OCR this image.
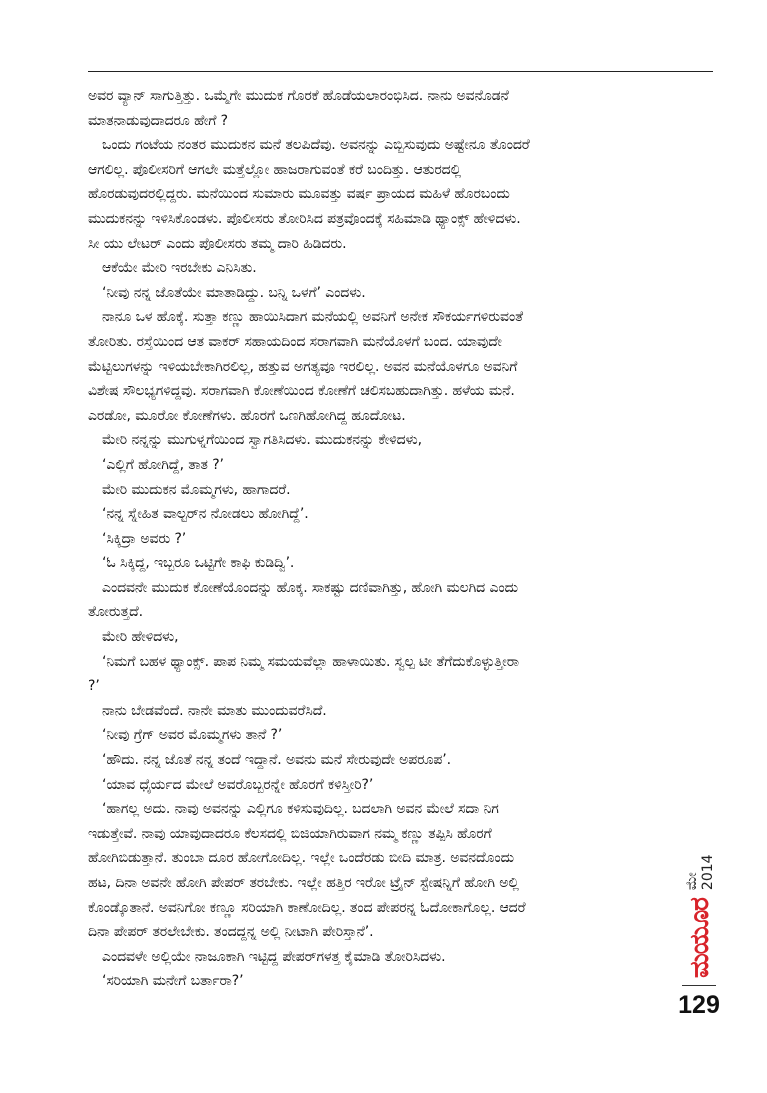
ಅವರ ವ್ಯಾನ್ ಸಾಗುತ್ತಿತ್ತು. ಒಮ್ಮೆಗೇ ಮುದುಕ ಗೊರಕೆ ಹೊಡೆಯಲಾರಂಭಿಸಿದ. ನಾನು ಅವನೊಡನೆ
ಮಾತನಾಡುವುದಾದರೂ ಹೇಗೆ ?
ಒಂದು ಗಂಟೆಯ ನಂತರ ಮುದುಕನ ಮನೆ ತಲಪಿದೆವು. ಅವನನ್ನು ಎಬ್ಬಿಸುವುದು ಅಷ್ಟೇನೂ ತೊಂದರೆ
ಆಗಲಿಲ್ಲ. ಪೊಲೀಸರಿಗೆ ಆಗಲೇ ಮತ್ತೆಲ್ಲೋ ಹಾಜರಾಗುವಂತೆ ಕರೆ ಬಂದಿತ್ತು. ಆತುರದಲ್ಲಿ
ಹೊರಡುವುದರಲ್ಲಿದ್ದರು. ಮನೆಯಿಂದ ಸುಮಾರು ಮೂವತ್ತು ವರ್ಷ ಪ್ರಾಯದ ಮಹಿಳೆ ಹೊರಬಂದು
ಮುದುಕನನ್ನು ಇಳಿಸಿಕೊಂಡಳು. ಪೊಲೀಸರು ತೋರಿಸಿದ ಪತ್ರವೊಂದಕ್ಕೆ ಸಹಿಮಾಡಿ ಥ್ಯಾಂಕ್ಸ್ ಹೇಳಿದಳು.
ಸೀ ಯು ಲೇಟರ್ ಎಂದು ಪೊಲೀಸರು ತಮ್ಮ ದಾರಿ ಹಿಡಿದರು.
ಆಕೆಯೇ ಮೇರಿ ಇರಬೇಕು ಎನಿಸಿತು.
‘ನೀವು ನನ್ನ ಜೊತೆಯೇ ಮಾತಾಡಿದ್ದು. ಬನ್ನಿ ಒಳಗೆ’ ಎಂದಳು.
ನಾನೂ ಒಳ ಹೊಕ್ಕೆ. ಸುತ್ತಾ ಕಣ್ಣು ಹಾಯಿಸಿದಾಗ ಮನೆಯಲ್ಲಿ ಅವನಿಗೆ ಅನೇಕ ಸೌಕರ್ಯಗಳಿರುವಂತೆ
ತೋರಿತು. ರಸ್ತೆಯಿಂದ ಆತ ವಾಕರ್ ಸಹಾಯದಿಂದ ಸರಾಗವಾಗಿ ಮನೆಯೊಳಗೆ ಬಂದ. ಯಾವುದೇ
ಮೆಟ್ಟಿಲುಗಳನ್ನು ಇಳಿಯಬೇಕಾಗಿರಲಿಲ್ಲ, ಹತ್ತುವ ಅಗತ್ಯವೂ ಇರಲಿಲ್ಲ. ಅವನ ಮನೆಯೊಳಗೂ ಅವನಿಗೆ
ವಿಶೇಷ ಸೌಲಭ್ಯಗಳಿದ್ದವು. ಸರಾಗವಾಗಿ ಕೋಣೆಯಿಂದ ಕೋಣೆಗೆ ಚಲಿಸಬಹುದಾಗಿತ್ತು. ಹಳೆಯ ಮನೆ.
ಎರಡೋ, ಮೂರೋ ಕೋಣೆಗಳು. ಹೊರಗೆ ಒಣಗಿಹೋಗಿದ್ದ ಹೂದೋಟ.
ಮೇರಿ ನನ್ನನ್ನು ಮುಗುಳ್ನಗೆಯಿಂದ ಸ್ವಾಗತಿಸಿದಳು. ಮುದುಕನನ್ನು ಕೇಳಿದಳು,
‘ಎಲ್ಲಿಗೆ ಹೋಗಿದ್ದೆ, ತಾತ ?’
ಮೇರಿ ಮುದುಕನ ಮೊಮ್ಮಗಳು, ಹಾಗಾದರೆ.
‘ನನ್ನ ಸ್ನೇಹಿತ ವಾಲ್ಟರ್‌ನ ನೋಡಲು ಹೋಗಿದ್ದೆ’.
‘ಸಿಕ್ಕಿದ್ರಾ ಅವರು ?’
‘ಓ ಸಿಕ್ಕಿದ್ದ, ಇಬ್ಬರೂ ಒಟ್ಟಿಗೇ ಕಾಫಿ ಕುಡಿದ್ವಿ’.
ಎಂದವನೇ ಮುದುಕ ಕೋಣೆಯೊಂದನ್ನು ಹೊಕ್ಕ. ಸಾಕಷ್ಟು ದಣಿವಾಗಿತ್ತು, ಹೋಗಿ ಮಲಗಿದ ಎಂದು
ತೋರುತ್ತದೆ.
ಮೇರಿ ಹೇಳಿದಳು,
‘ನಿಮಗೆ ಬಹಳ ಥ್ಯಾಂಕ್ಸ್. ಪಾಪ ನಿಮ್ಮ ಸಮಯವೆಲ್ಲಾ ಹಾಳಾಯಿತು. ಸ್ವಲ್ಪ ಟೀ ತೆಗೆದುಕೊಳ್ಳುತ್ತೀರಾ
?’
ನಾನು ಬೇಡವೆಂದೆ. ನಾನೇ ಮಾತು ಮುಂದುವರೆಸಿದೆ.
‘ನೀವು ಗ್ರೆಗ್ ಅವರ ಮೊಮ್ಮಗಳು ತಾನೆ ?’
‘ಹೌದು. ನನ್ನ ಜೊತೆ ನನ್ನ ತಂದೆ ಇದ್ದಾನೆ. ಅವನು ಮನೆ ಸೇರುವುದೇ ಅಪರೂಪ’.
‘ಯಾವ ಧೈರ್ಯದ ಮೇಲೆ ಅವರೊಬ್ಬರನ್ನೇ ಹೊರಗೆ ಕಳಿಸ್ತೀರಿ?’
‘ಹಾಗಲ್ಲ ಅದು. ನಾವು ಅವನನ್ನು ಎಲ್ಲಿಗೂ ಕಳಿಸುವುದಿಲ್ಲ. ಬದಲಾಗಿ ಅವನ ಮೇಲೆ ಸದಾ ನಿಗ
ಇಡುತ್ತೇವೆ. ನಾವು ಯಾವುದಾದರೂ ಕೆಲಸದಲ್ಲಿ ಬಿಜಿಯಾಗಿರುವಾಗ ನಮ್ಮ ಕಣ್ಣು ತಪ್ಪಿಸಿ ಹೊರಗೆ
ಹೋಗಿಬಿಡುತ್ತಾನೆ. ತುಂಬಾ ದೂರ ಹೋಗೋದಿಲ್ಲ. ಇಲ್ಲೇ ಒಂದೆರಡು ಬೀದಿ ಮಾತ್ರ. ಅವನದೊಂದು
ಹಟ, ದಿನಾ ಅವನೇ ಹೋಗಿ ಪೇಪರ್ ತರಬೇಕು. ಇಲ್ಲೇ ಹತ್ತಿರ ಇರೋ ಟ್ರೈನ್ ಸ್ಟೇಷನ್ನಿಗೆ ಹೋಗಿ ಅಲ್ಲಿ
ಕೊಂಡ್ಕೊತಾನೆ. ಅವನಿಗೋ ಕಣ್ಣೂ ಸರಿಯಾಗಿ ಕಾಣೋದಿಲ್ಲ. ತಂದ ಪೇಪರನ್ನ ಓದೋಕಾಗೊಲ್ಲ. ಆದರೆ
ದಿನಾ ಪೇಪರ್ ತರಲೇಬೇಕು. ತಂದದ್ದನ್ನ ಅಲ್ಲಿ ನೀಟಾಗಿ ಪೇರಿಸ್ತಾನೆ’.
ಎಂದವಳೇ ಅಲ್ಲಿಯೇ ನಾಜೂಕಾಗಿ ಇಟ್ಟಿದ್ದ ಪೇಪರ್‌ಗಳತ್ತ ಕೈಮಾಡಿ ತೋರಿಸಿದಳು.
‘ಸರಿಯಾಗಿ ಮನೇಗೆ ಬರ್ತಾರಾ?’
ಮಯೂರ
ಮೇ 2014
129
